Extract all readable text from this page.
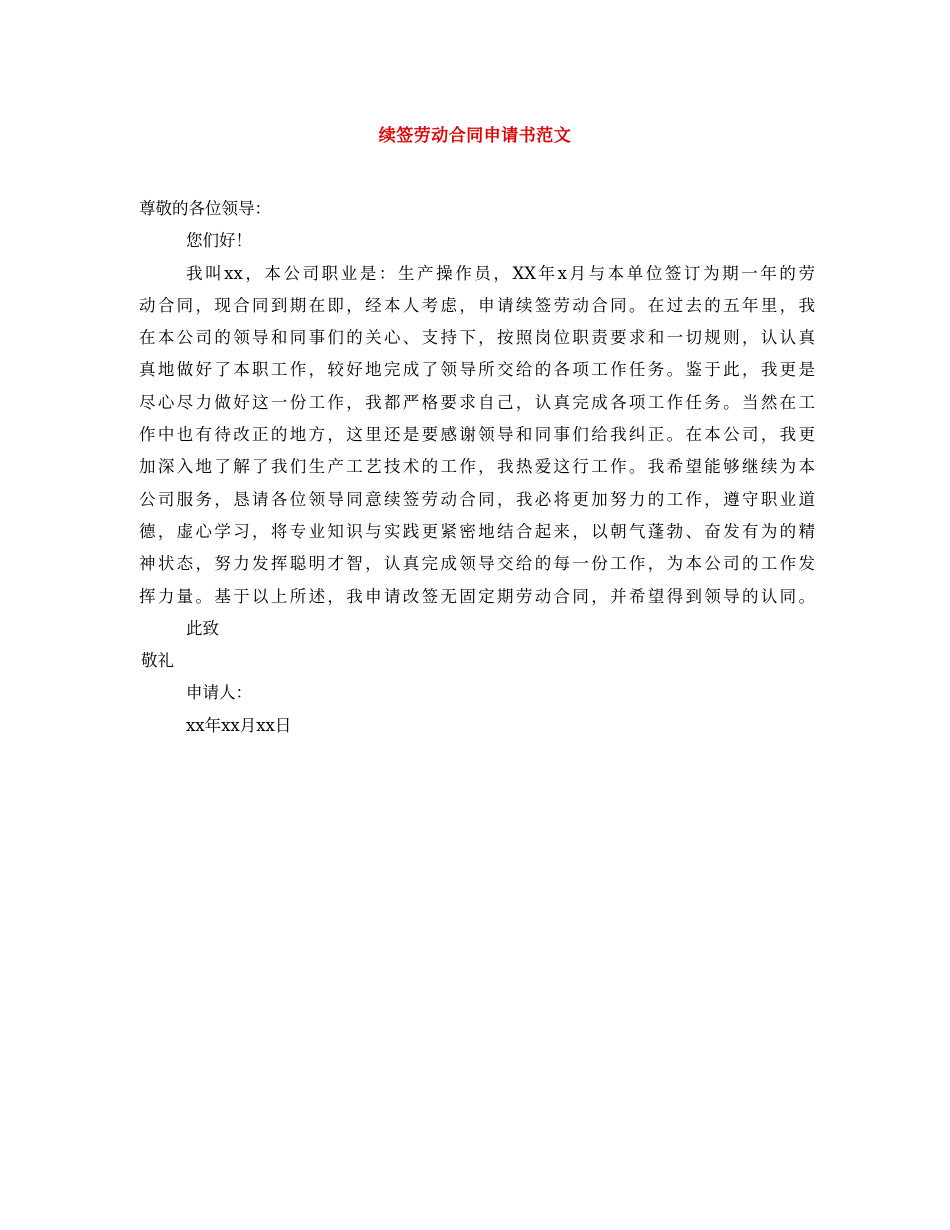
续签劳动合同申请书范文
尊敬的各位领导：
您们好！
我叫xx，本公司职业是：生产操作员，XX年x月与本单位签订为期一年的劳
动合同，现合同到期在即，经本人考虑，申请续签劳动合同。在过去的五年里，我
在本公司的领导和同事们的关心、支持下，按照岗位职责要求和一切规则，认认真
真地做好了本职工作，较好地完成了领导所交给的各项工作任务。鉴于此，我更是
尽心尽力做好这一份工作，我都严格要求自己，认真完成各项工作任务。当然在工
作中也有待改正的地方，这里还是要感谢领导和同事们给我纠正。在本公司，我更
加深入地了解了我们生产工艺技术的工作，我热爱这行工作。我希望能够继续为本
公司服务，恳请各位领导同意续签劳动合同，我必将更加努力的工作，遵守职业道
德，虚心学习，将专业知识与实践更紧密地结合起来，以朝气蓬勃、奋发有为的精
神状态，努力发挥聪明才智，认真完成领导交给的每一份工作，为本公司的工作发
挥力量。基于以上所述，我申请改签无固定期劳动合同，并希望得到领导的认同。
此致
敬礼
申请人：
xx年xx月xx日
